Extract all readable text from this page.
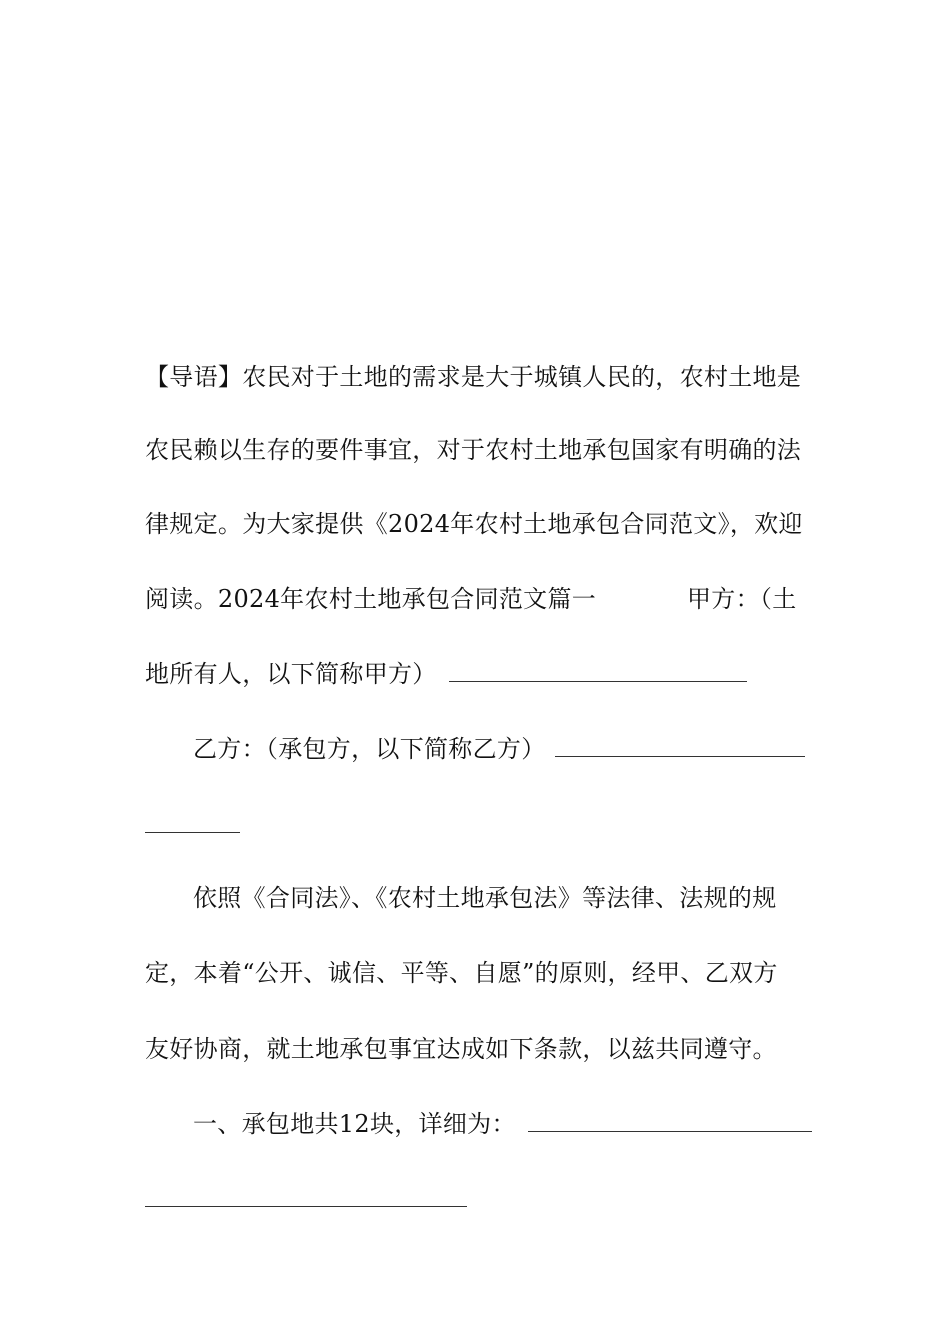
【导语】农民对于土地的需求是大于城镇人民的，农村土地是
农民赖以生存的要件事宜，对于农村土地承包国家有明确的法
律规定。为大家提供《2024年农村土地承包合同范文》，欢迎
阅读。2024年农村土地承包合同范文篇一	甲方：（土
地所有人，以下简称甲方）
乙方：（承包方，以下简称乙方）
依照《合同法》、《农村土地承包法》等法律、法规的规
定，本着“公开、诚信、平等、自愿”的原则，经甲、乙双方
友好协商，就土地承包事宜达成如下条款，以兹共同遵守。
一、承包地共12块，详细为：
